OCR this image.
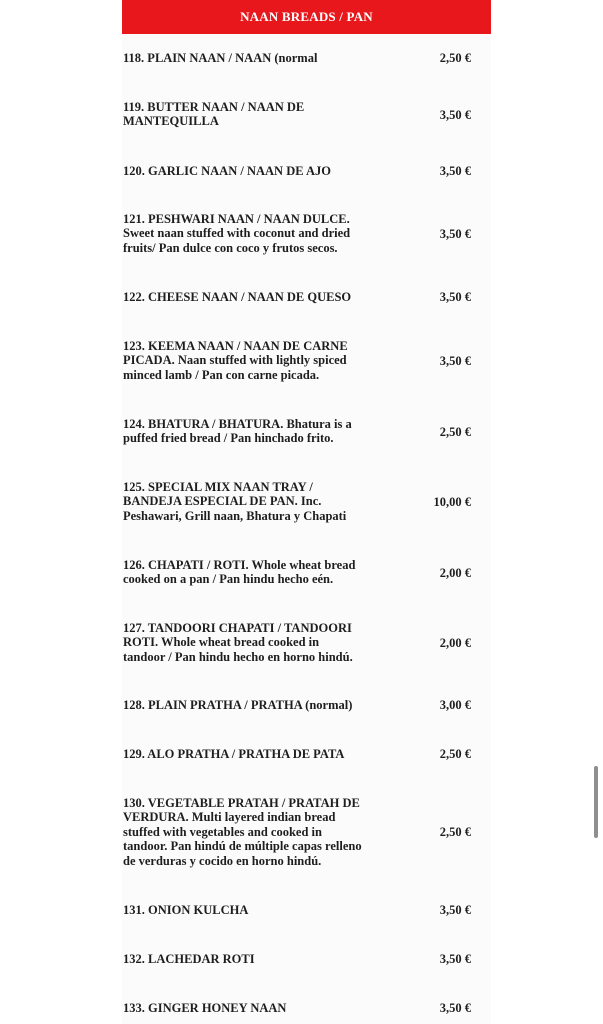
NAAN BREADS / PAN
118. PLAIN NAAN / NAAN (normal	2,50 €
119. BUTTER NAAN / NAAN DE
MANTEQUILLA	3,50 €
120. GARLIC NAAN / NAAN DE AJO	3,50 €
121. PESHWARI NAAN / NAAN DULCE.
Sweet naan stuffed with coconut and dried
fruits/ Pan dulce con coco y frutos secos.
3,50 €
122. CHEESE NAAN / NAAN DE QUESO	3,50 €
123. KEEMA NAAN / NAAN DE CARNE
PICADA. Naan stuffed with lightly spiced
minced lamb / Pan con carne picada.
3,50 €
124. BHATURA / BHATURA. Bhatura is a
puffed fried bread / Pan hinchado frito.	2,50 €
125. SPECIAL MIX NAAN TRAY /
BANDEJA ESPECIAL DE PAN. Inc.
Peshawari, Grill naan, Bhatura y Chapati
10,00 €
126. CHAPATI / ROTI. Whole wheat bread
cooked on a pan / Pan hindu hecho eén.	2,00 €
127. TANDOORI CHAPATI / TANDOORI
ROTI. Whole wheat bread cooked in
tandoor / Pan hindu hecho en horno hindú.
2,00 €
128. PLAIN PRATHA / PRATHA (normal)	3,00 €
129. ALO PRATHA / PRATHA DE PATA	2,50 €
130. VEGETABLE PRATAH / PRATAH DE
VERDURA. Multi layered indian bread
stuffed with vegetables and cooked in
tandoor. Pan hindú de múltiple capas relleno
de verduras y cocido en horno hindú.
2,50 €
131. ONION KULCHA	3,50 €
132. LACHEDAR ROTI	3,50 €
133. GINGER HONEY NAAN	3,50 €
